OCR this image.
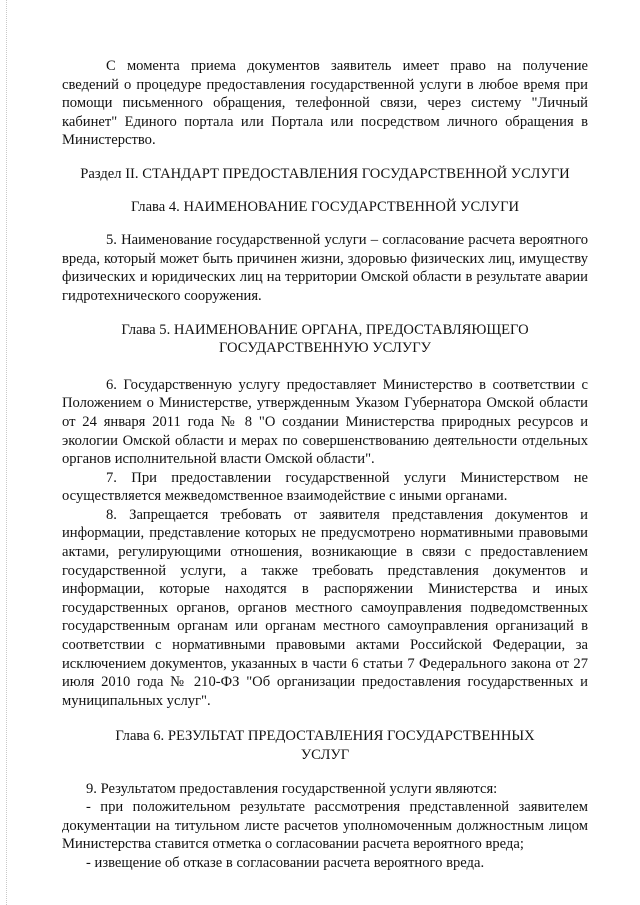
С момента приема документов заявитель имеет право на получение сведений о процедуре предоставления государственной услуги в любое время при помощи письменного обращения, телефонной связи, через систему "Личный кабинет" Единого портала или Портала или посредством личного обращения в Министерство.

Раздел II. СТАНДАРТ ПРЕДОСТАВЛЕНИЯ ГОСУДАРСТВЕННОЙ УСЛУГИ

Глава 4. НАИМЕНОВАНИЕ ГОСУДАРСТВЕННОЙ УСЛУГИ

5. Наименование государственной услуги – согласование расчета вероятного вреда, который может быть причинен жизни, здоровью физических лиц, имуществу физических и юридических лиц на территории Омской области в результате аварии гидротехнического сооружения.

Глава 5. НАИМЕНОВАНИЕ ОРГАНА, ПРЕДОСТАВЛЯЮЩЕГО

ГОСУДАРСТВЕННУЮ УСЛУГУ

6. Государственную услугу предоставляет Министерство в соответствии с Положением о Министерстве, утвержденным Указом Губернатора Омской области от 24 января 2011 года № 8 "О создании Министерства природных ресурсов и экологии Омской области и мерах по совершенствованию деятельности отдельных органов исполнительной власти Омской области".

7. При предоставлении государственной услуги Министерством не осуществляется межведомственное взаимодействие с иными органами.

8. Запрещается требовать от заявителя представления документов и информации, представление которых не предусмотрено нормативными правовыми актами, регулирующими отношения, возникающие в связи с предоставлением государственной услуги, а также требовать представления документов и информации, которые находятся в распоряжении Министерства и иных государственных органов, органов местного самоуправления подведомственных государственным органам или органам местного самоуправления организаций в соответствии с нормативными правовыми актами Российской Федерации, за исключением документов, указанных в части 6 статьи 7 Федерального закона от 27 июля 2010 года № 210-ФЗ "Об организации предоставления государственных и муниципальных услуг".

Глава 6. РЕЗУЛЬТАТ ПРЕДОСТАВЛЕНИЯ ГОСУДАРСТВЕННЫХ

УСЛУГ

9. Результатом предоставления государственной услуги являются:

- при положительном результате рассмотрения представленной заявителем документации на титульном листе расчетов уполномоченным должностным лицом Министерства ставится отметка о согласовании расчета вероятного вреда;

- извещение об отказе в согласовании расчета вероятного вреда.
